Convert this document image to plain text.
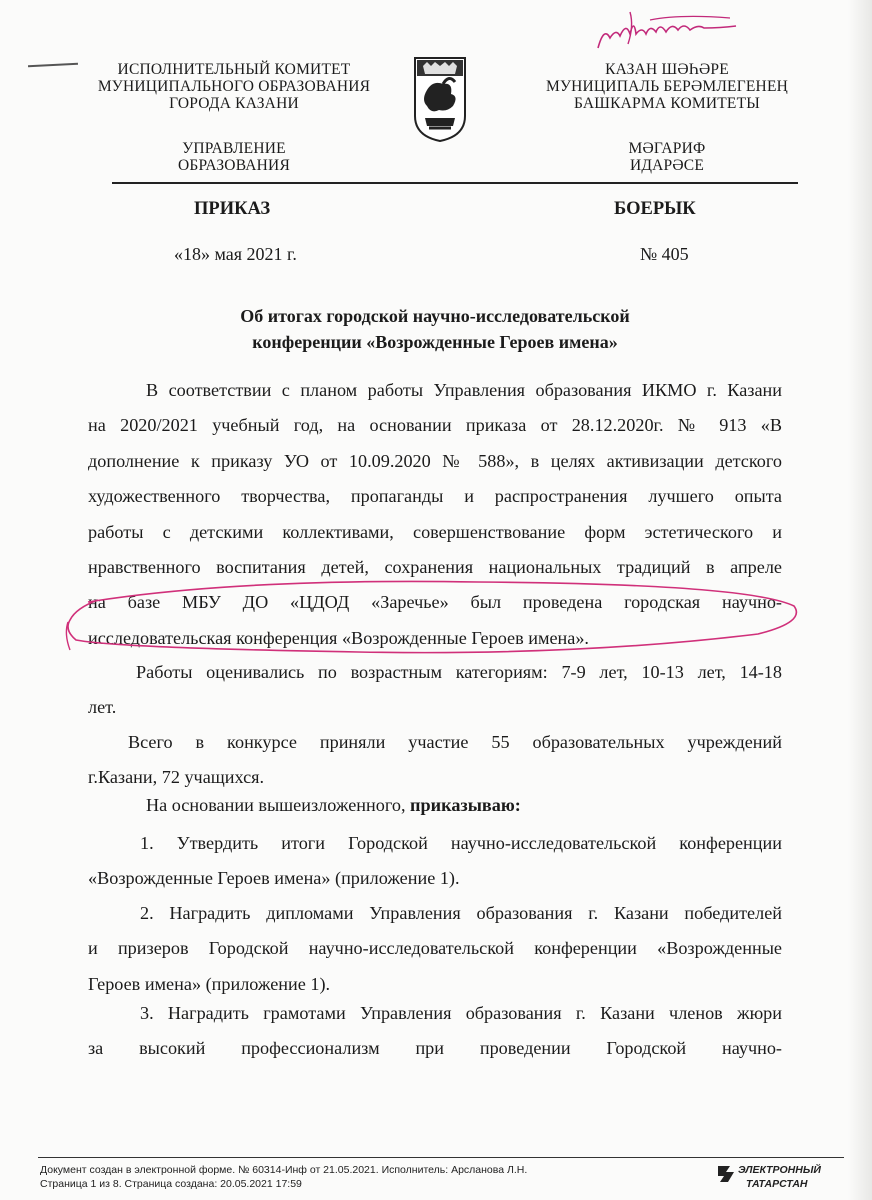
ИСПОЛНИТЕЛЬНЫЙ КОМИТЕТ
МУНИЦИПАЛЬНОГО ОБРАЗОВАНИЯ
ГОРОДА КАЗАНИ
УПРАВЛЕНИЕ
ОБРАЗОВАНИЯ
КАЗАН ШӘҺӘРЕ
МУНИЦИПАЛЬ БЕРӘМЛЕГЕНЕҢ
БАШКАРМА КОМИТЕТЫ
МӘГАРИФ
ИДАРӘСЕ
ПРИКАЗ	БОЕРЫК
«18» мая 2021 г.	№ 405
Об итогах городской научно-исследовательской
конференции «Возрожденные Героев имена»
В соответствии с планом работы Управления образования ИКМО г. Казани
на 2020/2021 учебный год, на основании приказа от 28.12.2020г. № 913 «В
дополнение к приказу УО от 10.09.2020 № 588», в целях активизации детского
художественного творчества, пропаганды и распространения лучшего опыта
работы с детскими коллективами, совершенствование форм эстетического и
нравственного воспитания детей, сохранения национальных традиций в апреле
на базе МБУ ДО «ЦДОД «Заречье» был проведена городская научно-
исследовательская конференция «Возрожденные Героев имена».
Работы оценивались по возрастным категориям: 7-9 лет, 10-13 лет, 14-18
лет.
Всего в конкурсе приняли участие 55 образовательных учреждений
г.Казани, 72 учащихся.
На основании вышеизложенного, приказываю:
1. Утвердить итоги Городской научно-исследовательской конференции
«Возрожденные Героев имена» (приложение 1).
2. Наградить дипломами Управления образования г. Казани победителей
и призеров Городской научно-исследовательской конференции «Возрожденные
Героев имена» (приложение 1).
3. Наградить грамотами Управления образования г. Казани членов жюри
за высокий профессионализм при проведении Городской научно-
Документ создан в электронной форме. № 60314-Инф от 21.05.2021. Исполнитель: Арсланова Л.Н.
Страница 1 из 8. Страница создана: 20.05.2021 17:59
ЭЛЕКТРОННЫЙ
ТАТАРСТАН
